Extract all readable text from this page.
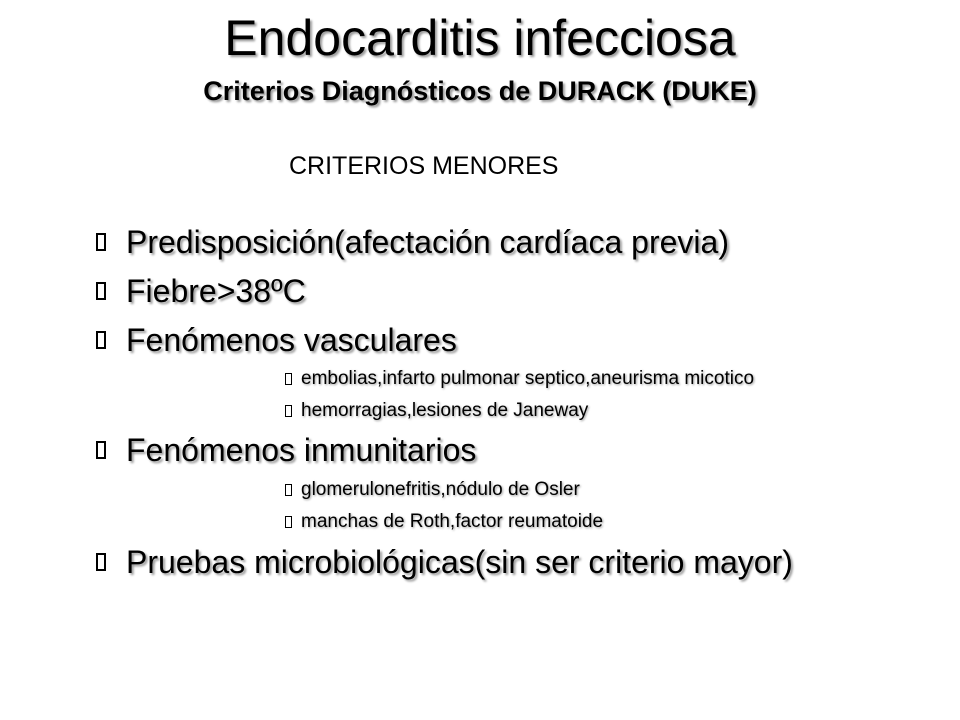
Endocarditis infecciosa
Criterios Diagnósticos de DURACK (DUKE)
CRITERIOS MENORES
Predisposición(afectación cardíaca previa)
Fiebre>38ºC
Fenómenos vasculares
embolias,infarto pulmonar septico,aneurisma micotico
hemorragias,lesiones de Janeway
Fenómenos inmunitarios
glomerulonefritis,nódulo de Osler
manchas de Roth,factor reumatoide
Pruebas microbiológicas(sin ser criterio mayor)
